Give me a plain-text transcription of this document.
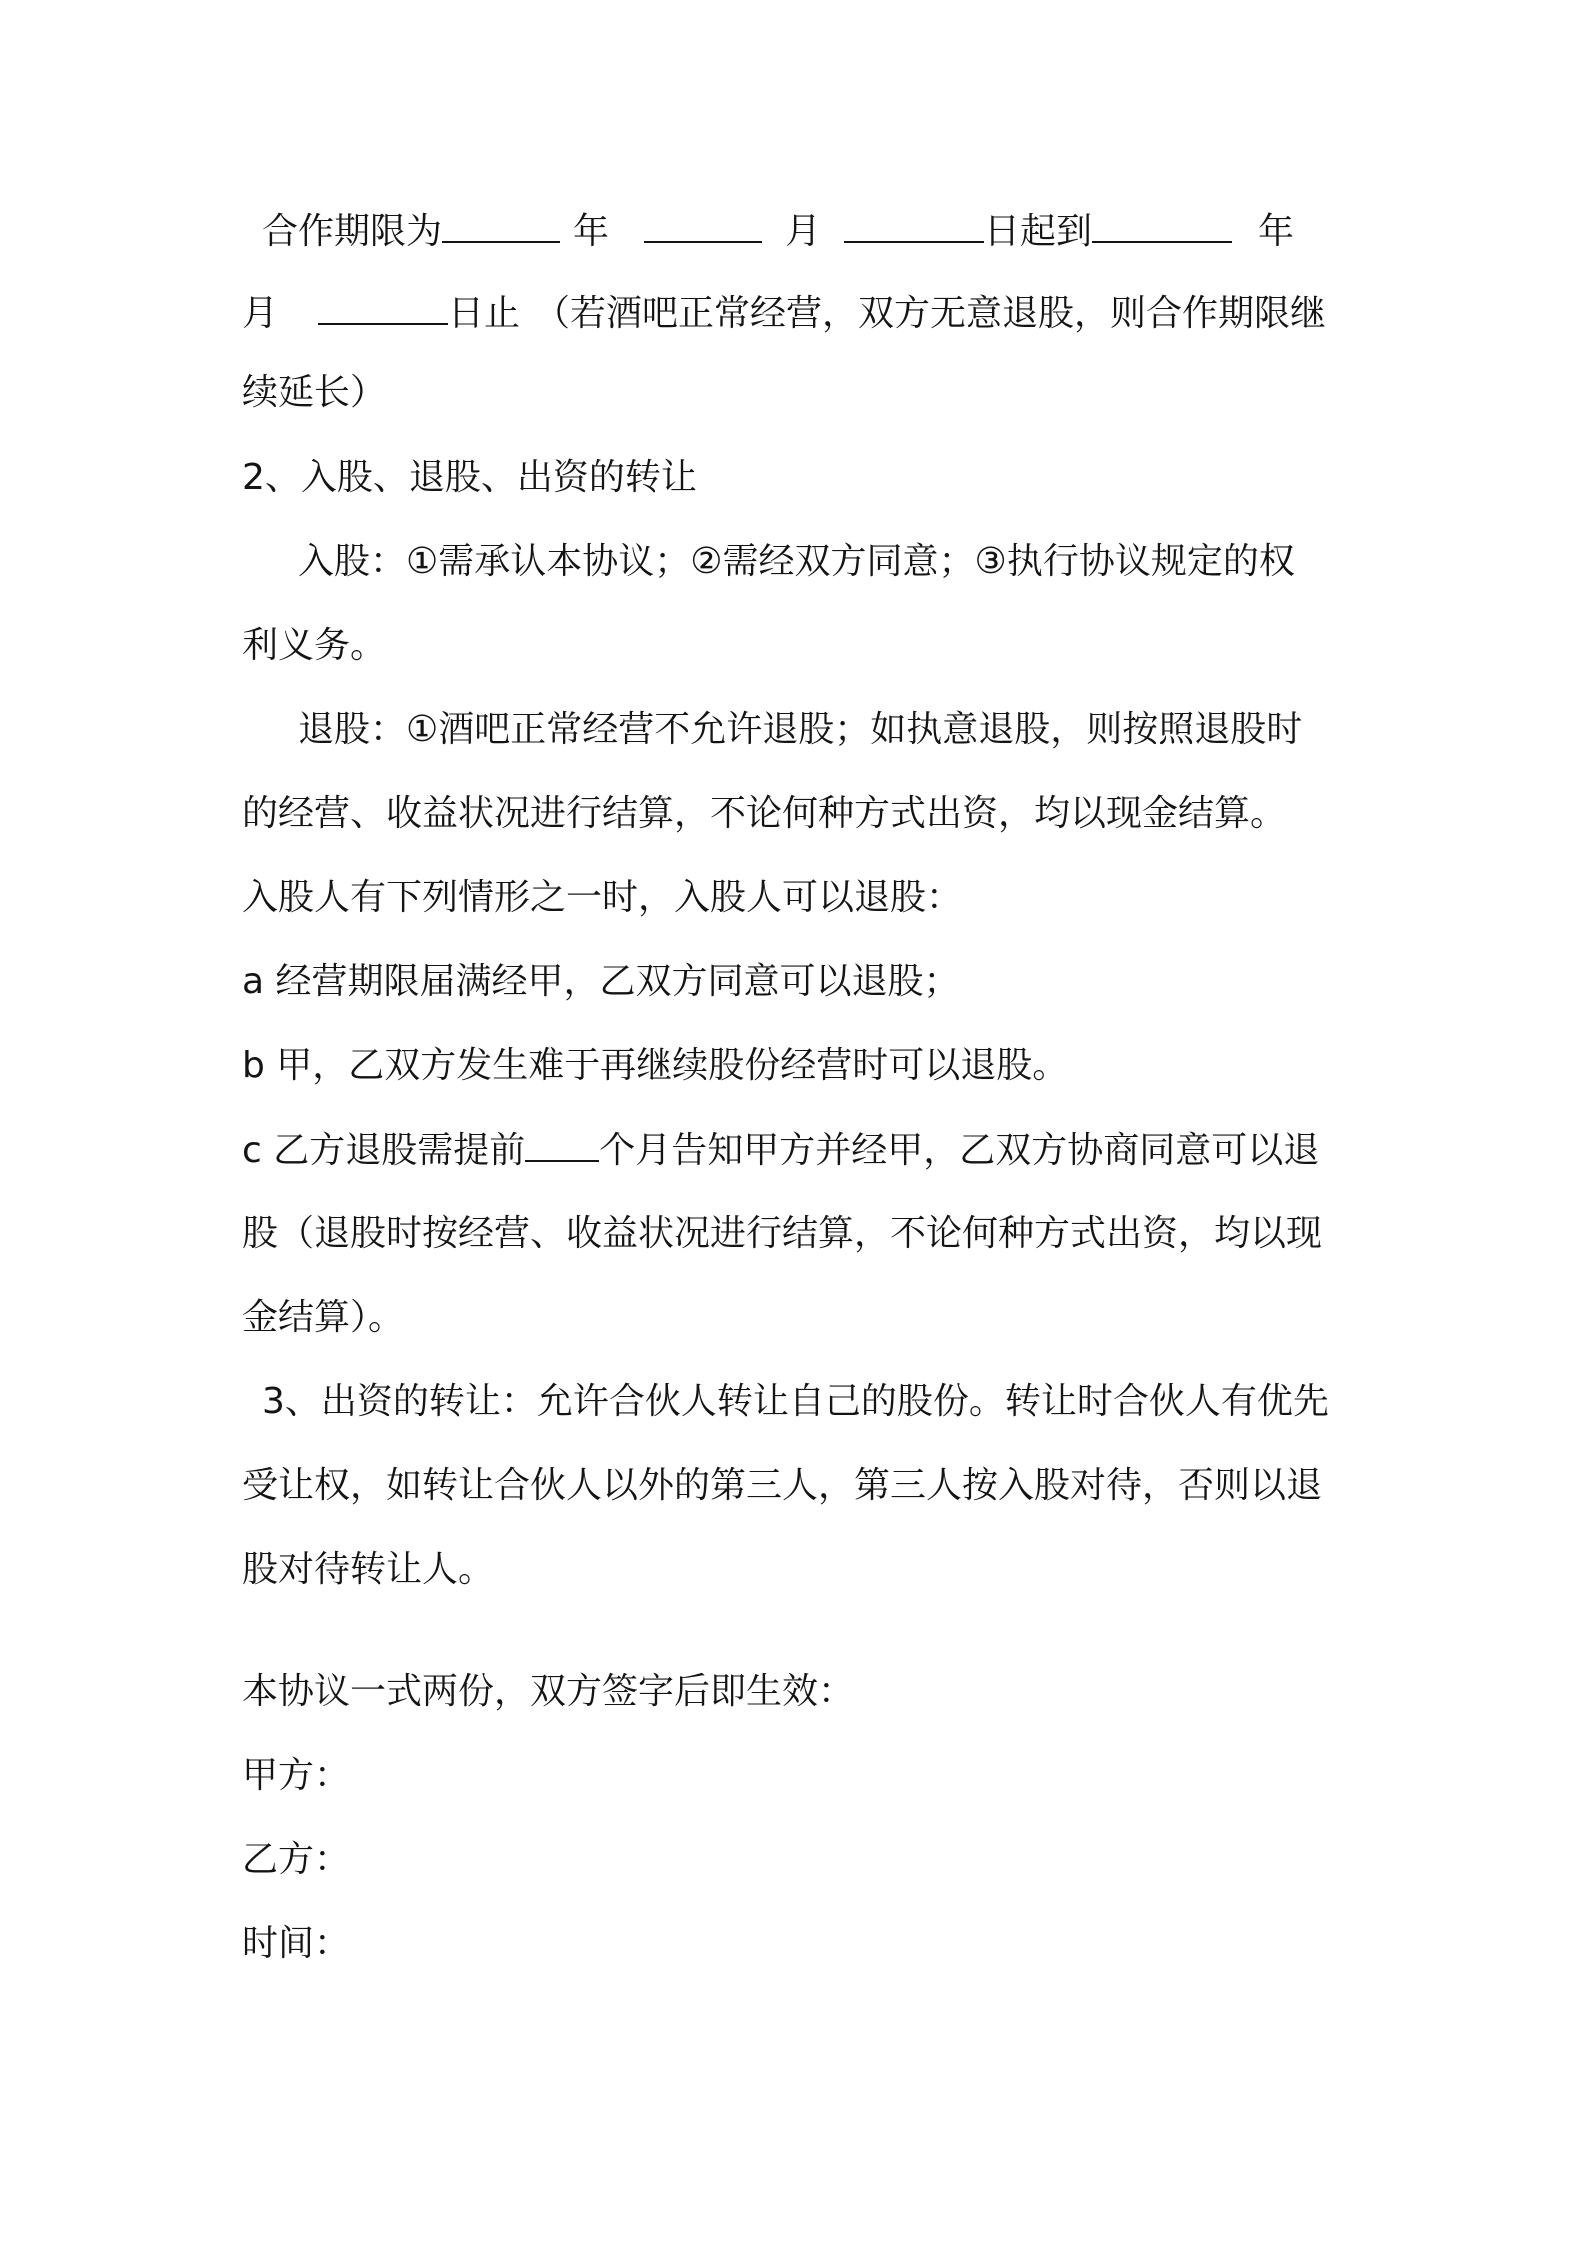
合作期限为	年	月	日起到	年
月	日止 （若酒吧正常经营，双方无意退股，则合作期限继
续延长）
2、入股、退股、出资的转让
入股：①需承认本协议；②需经双方同意；③执行协议规定的权
利义务。
退股：①酒吧正常经营不允许退股；如执意退股，则按照退股时
的经营、收益状况进行结算，不论何种方式出资，均以现金结算。
入股人有下列情形之一时，入股人可以退股：
a 经营期限届满经甲，乙双方同意可以退股；
b 甲，乙双方发生难于再继续股份经营时可以退股。
c 乙方退股需提前 个月告知甲方并经甲，乙双方协商同意可以退
股（退股时按经营、收益状况进行结算，不论何种方式出资，均以现
金结算）。
3、出资的转让：允许合伙人转让自己的股份。转让时合伙人有优先
受让权，如转让合伙人以外的第三人，第三人按入股对待，否则以退
股对待转让人。
本协议一式两份，双方签字后即生效：
甲方：
乙方：
时间：
